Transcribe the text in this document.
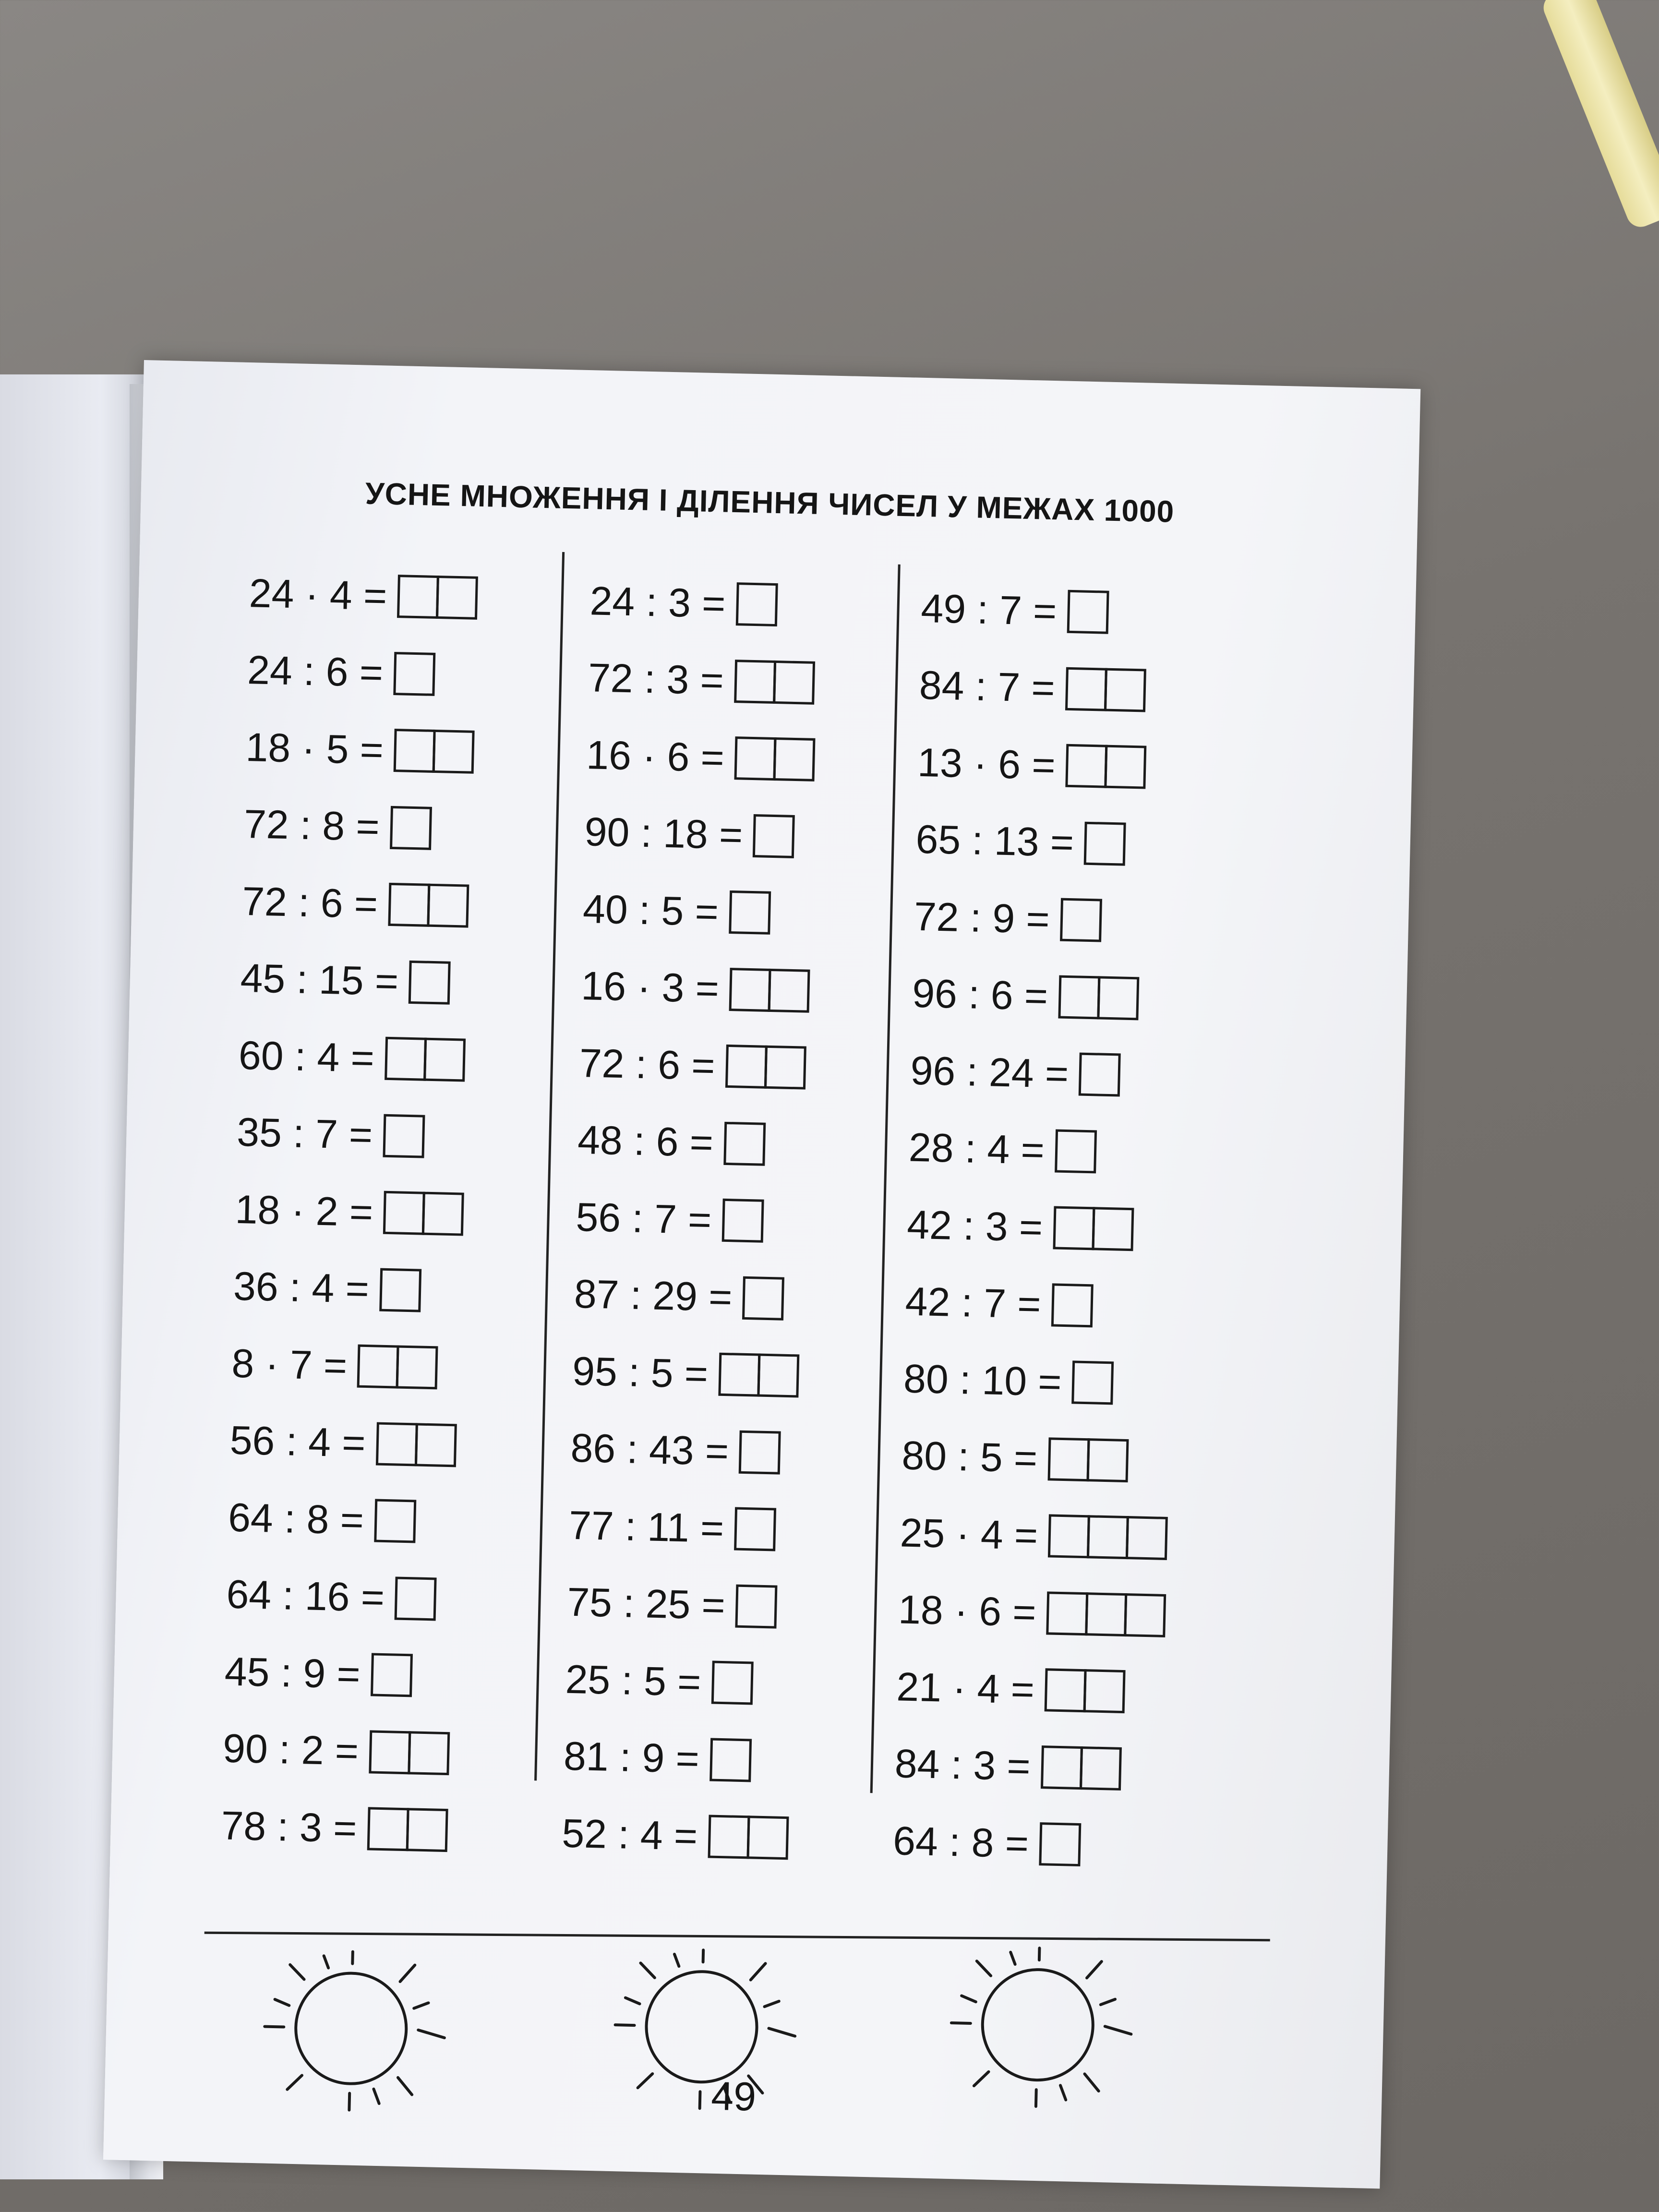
УСНЕ МНОЖЕННЯ І ДІЛЕННЯ ЧИСЕЛ У МЕЖАХ 1000
24 · 4 =
24 : 6 =
18 · 5 =
72 : 8 =
72 : 6 =
45 : 15 =
60 : 4 =
35 : 7 =
18 · 2 =
36 : 4 =
8 · 7 =
56 : 4 =
64 : 8 =
64 : 16 =
45 : 9 =
90 : 2 =
78 : 3 =
24 : 3 =
72 : 3 =
16 · 6 =
90 : 18 =
40 : 5 =
16 · 3 =
72 : 6 =
48 : 6 =
56 : 7 =
87 : 29 =
95 : 5 =
86 : 43 =
77 : 11 =
75 : 25 =
25 : 5 =
81 : 9 =
52 : 4 =
49 : 7 =
84 : 7 =
13 · 6 =
65 : 13 =
72 : 9 =
96 : 6 =
96 : 24 =
28 : 4 =
42 : 3 =
42 : 7 =
80 : 10 =
80 : 5 =
25 · 4 =
18 · 6 =
21 · 4 =
84 : 3 =
64 : 8 =
49
